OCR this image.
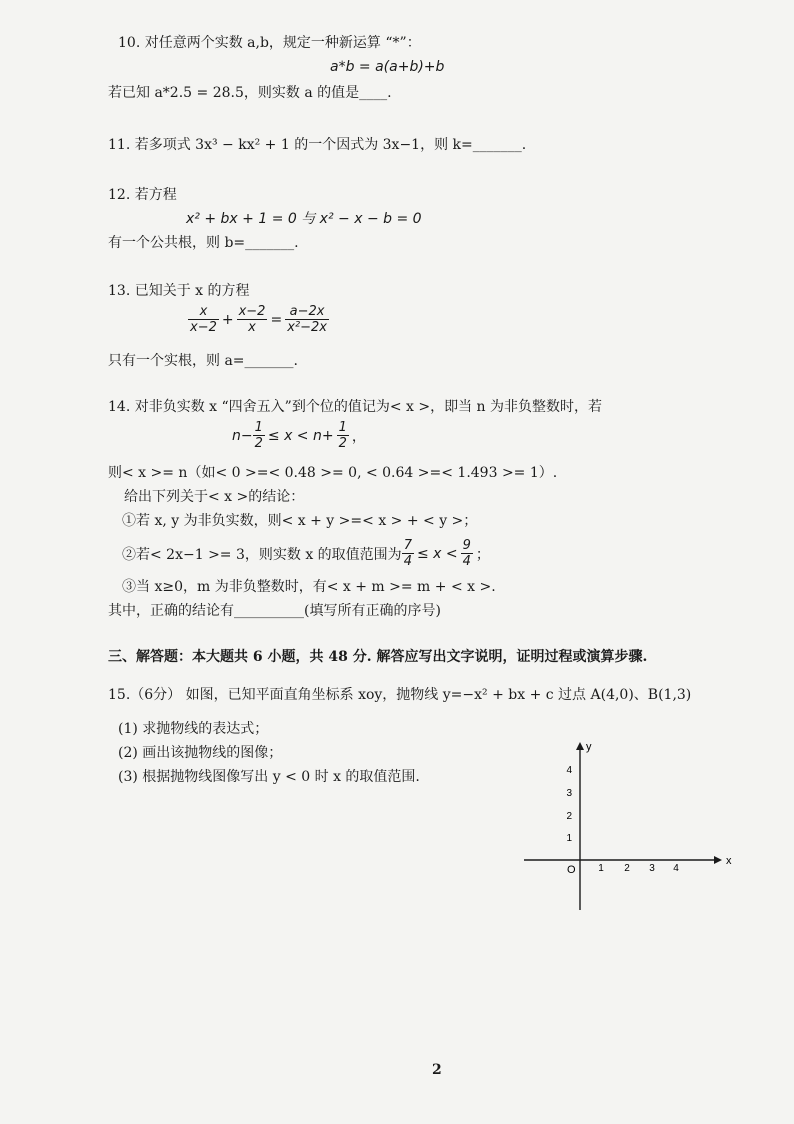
10. 对任意两个实数 a,b，规定一种新运算 “*”：
a*b = a(a+b)+b
若已知 a*2.5 = 28.5，则实数 a 的值是____.
11. 若多项式 3x³ − kx² + 1 的一个因式为 3x−1，则 k=_______.
12. 若方程
x² + bx + 1 = 0 与 x² − x − b = 0
有一个公共根，则 b=_______.
13. 已知关于 x 的方程
$\frac{x}{x-2} + \frac{x-2}{x} = \frac{a-2x}{\text{x²−2x}}$
只有一个实根，则 a=_______.
14. 对非负实数 x “四舍五入”到个位的值记为< x >，即当 n 为非负整数时，若
$n- \frac{1}{2} \le x < n+ \frac{1}{2}$ ，
则< x >= n（如< 0 >=< 0.48 >= 0, < 0.64 >=< 1.493 >= 1）.
给出下列关于< x >的结论：
①若 x, y 为非负实数，则< x + y >=< x > + < y >；
②若< 2x−1 >= 3，则实数 x 的取值范围为 $\frac{7}{4} \le x < \frac{9}{4}$ ；
③当 x≥0，m 为非负整数时，有< x + m >= m + < x >.
其中，正确的结论有__________(填写所有正确的序号)
三、解答题：本大题共 6 小题，共 48 分. 解答应写出文字说明，证明过程或演算步骤.
15.（6分） 如图，已知平面直角坐标系 xoy，抛物线 y=−x² + bx + c 过点 A(4,0)、B(1,3)
(1) 求抛物线的表达式；
(2) 画出该抛物线的图像；
(3) 根据抛物线图像写出 y < 0 时 x 的取值范围.
x
y
O 1 2 3 4
1
2
3
4
2
